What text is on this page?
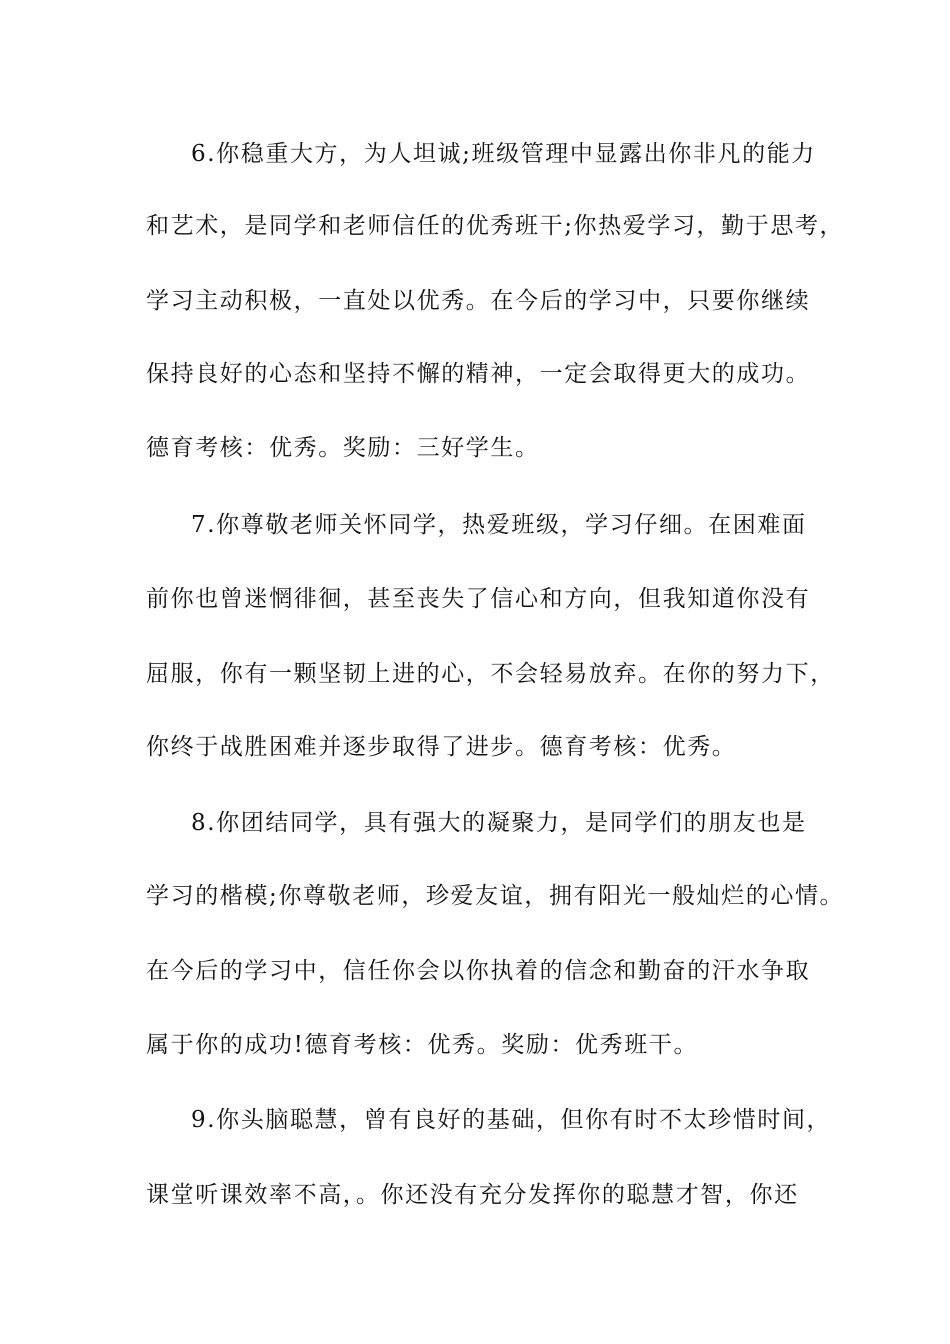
6.你稳重大方，为人坦诚;班级管理中显露出你非凡的能力
和艺术，是同学和老师信任的优秀班干;你热爱学习，勤于思考，
学习主动积极，一直处以优秀。在今后的学习中，只要你继续
保持良好的心态和坚持不懈的精神，一定会取得更大的成功。
德育考核：优秀。奖励：三好学生。
7.你尊敬老师关怀同学，热爱班级，学习仔细。在困难面
前你也曾迷惘徘徊，甚至丧失了信心和方向，但我知道你没有
屈服，你有一颗坚韧上进的心，不会轻易放弃。在你的努力下，
你终于战胜困难并逐步取得了进步。德育考核：优秀。
8.你团结同学，具有强大的凝聚力，是同学们的朋友也是
学习的楷模;你尊敬老师，珍爱友谊，拥有阳光一般灿烂的心情。
在今后的学习中，信任你会以你执着的信念和勤奋的汗水争取
属于你的成功!德育考核：优秀。奖励：优秀班干。
9.你头脑聪慧，曾有良好的基础，但你有时不太珍惜时间，
课堂听课效率不高，。你还没有充分发挥你的聪慧才智，你还
